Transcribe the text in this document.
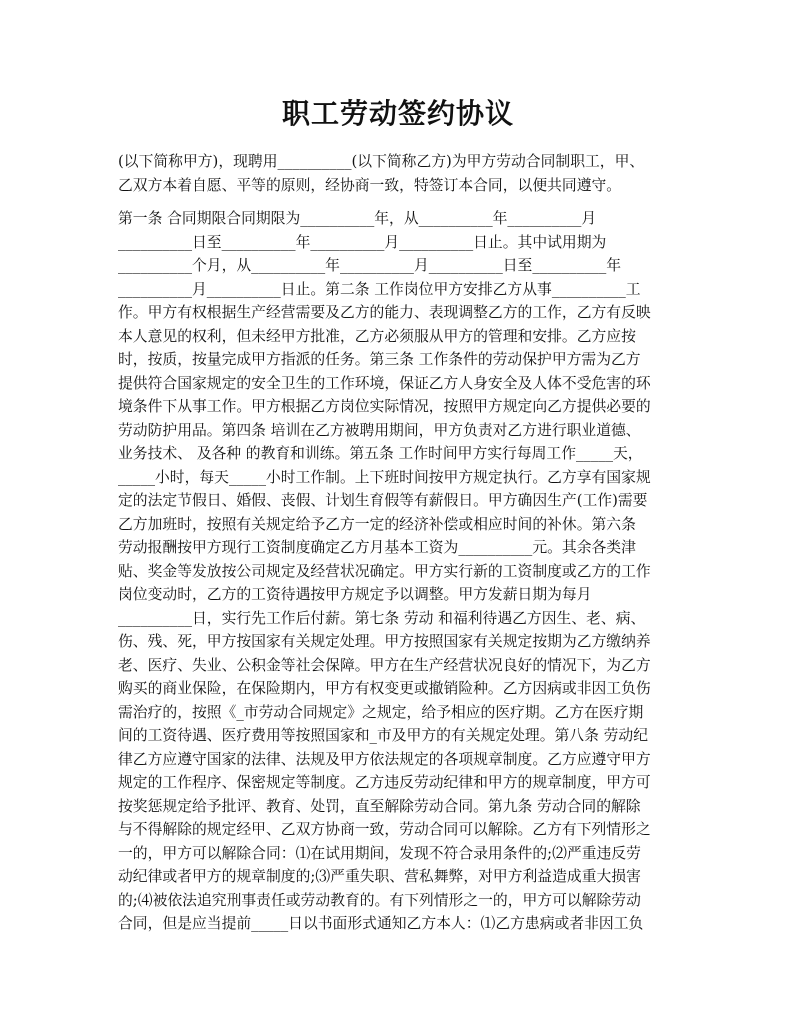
职工劳动签约协议
(以下简称甲方)，现聘用__________(以下简称乙方)为甲方劳动合同制职工，甲、
乙双方本着自愿、平等的原则，经协商一致，特签订本合同，以便共同遵守。
第一条 合同期限合同期限为__________年，从__________年__________月
__________日至__________年__________月__________日止。其中试用期为
__________个月，从__________年__________月__________日至__________年
__________月__________日止。第二条 工作岗位甲方安排乙方从事__________工
作。甲方有权根据生产经营需要及乙方的能力、表现调整乙方的工作，乙方有反映
本人意见的权利，但未经甲方批准，乙方必须服从甲方的管理和安排。乙方应按
时，按质，按量完成甲方指派的任务。第三条 工作条件的劳动保护甲方需为乙方
提供符合国家规定的安全卫生的工作环境，保证乙方人身安全及人体不受危害的环
境条件下从事工作。甲方根据乙方岗位实际情况，按照甲方规定向乙方提供必要的
劳动防护用品。第四条 培训在乙方被聘用期间，甲方负责对乙方进行职业道德、
业务技术、 及各种 的教育和训练。第五条 工作时间甲方实行每周工作_____天，
_____小时，每天_____小时工作制。上下班时间按甲方规定执行。乙方享有国家规
定的法定节假日、婚假、丧假、计划生育假等有薪假日。甲方确因生产(工作)需要
乙方加班时，按照有关规定给予乙方一定的经济补偿或相应时间的补休。第六条
劳动报酬按甲方现行工资制度确定乙方月基本工资为__________元。其余各类津
贴、奖金等发放按公司规定及经营状况确定。甲方实行新的工资制度或乙方的工作
岗位变动时，乙方的工资待遇按甲方规定予以调整。甲方发薪日期为每月
__________日，实行先工作后付薪。第七条 劳动 和福利待遇乙方因生、老、病、
伤、残、死，甲方按国家有关规定处理。甲方按照国家有关规定按期为乙方缴纳养
老、医疗、失业、公积金等社会保障。甲方在生产经营状况良好的情况下，为乙方
购买的商业保险，在保险期内，甲方有权变更或撤销险种。乙方因病或非因工负伤
需治疗的，按照《_市劳动合同规定》之规定，给予相应的医疗期。乙方在医疗期
间的工资待遇、医疗费用等按照国家和_市及甲方的有关规定处理。第八条 劳动纪
律乙方应遵守国家的法律、法规及甲方依法规定的各项规章制度。乙方应遵守甲方
规定的工作程序、保密规定等制度。乙方违反劳动纪律和甲方的规章制度，甲方可
按奖惩规定给予批评、教育、处罚，直至解除劳动合同。第九条 劳动合同的解除
与不得解除的规定经甲、乙双方协商一致，劳动合同可以解除。乙方有下列情形之
一的，甲方可以解除合同：⑴在试用期间，发现不符合录用条件的;⑵严重违反劳
动纪律或者甲方的规章制度的;⑶严重失职、营私舞弊，对甲方利益造成重大损害
的;⑷被依法追究刑事责任或劳动教育的。有下列情形之一的，甲方可以解除劳动
合同，但是应当提前_____日以书面形式通知乙方本人：⑴乙方患病或者非因工负
